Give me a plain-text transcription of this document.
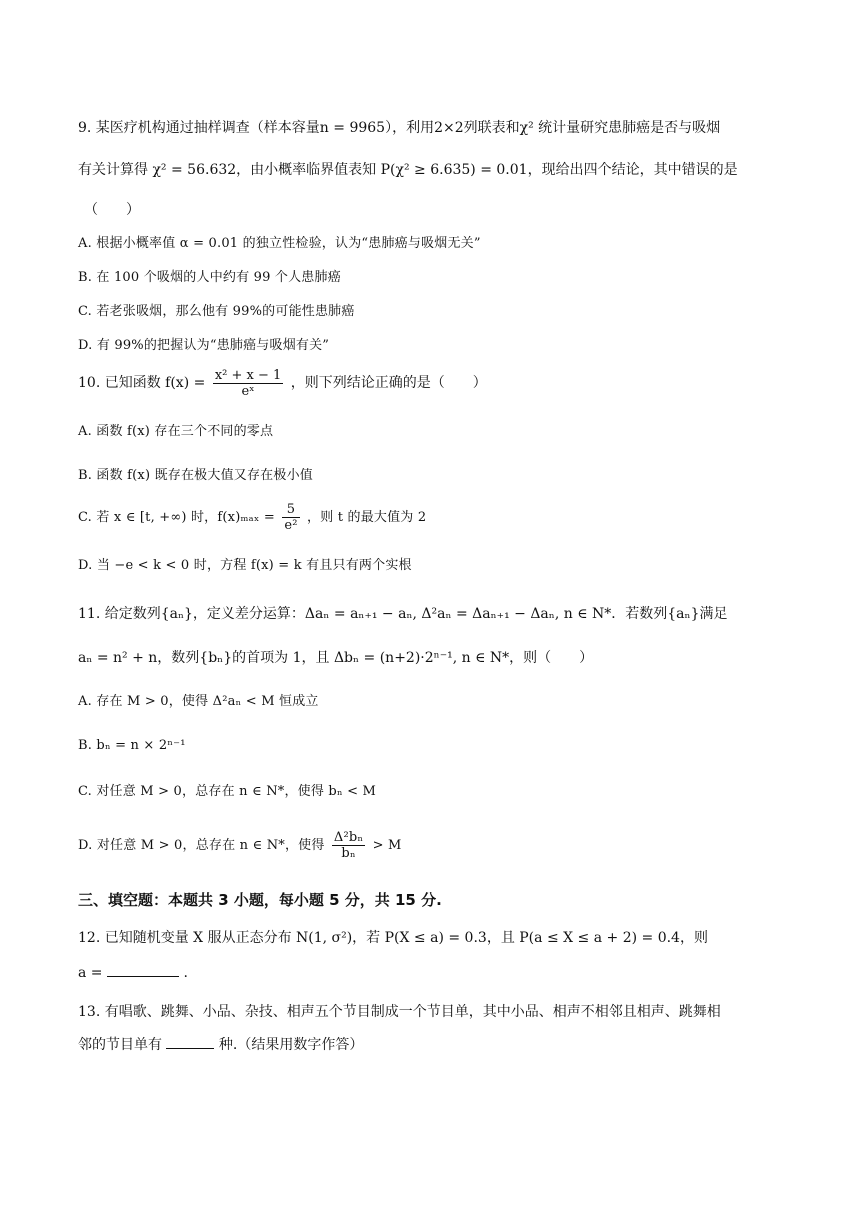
9. 某医疗机构通过抽样调查（样本容量n = 9965），利用2×2列联表和χ² 统计量研究患肺癌是否与吸烟
有关计算得 χ² = 56.632，由小概率临界值表知 P(χ² ≥ 6.635) = 0.01，现给出四个结论，其中错误的是
（　　）
A. 根据小概率值 α = 0.01 的独立性检验，认为“患肺癌与吸烟无关”
B. 在 100 个吸烟的人中约有 99 个人患肺癌
C. 若老张吸烟，那么他有 99%的可能性患肺癌
D. 有 99%的把握认为“患肺癌与吸烟有关”
10. 已知函数 $f(x) = \frac{\text{x² + x − 1}}{\text{eˣ}}$ ，则下列结论正确的是（　　）
A. 函数 f(x) 存在三个不同的零点
B. 函数 f(x) 既存在极大值又存在极小值
C. 若 x ∈ [t, +∞) 时，$f(x)_{max} = \frac{5}{\text{e²}}$ ，则 t 的最大值为 2
D. 当 −e < k < 0 时，方程 f(x) = k 有且只有两个实根
11. 给定数列{aₙ}，定义差分运算：Δaₙ = aₙ₊₁ − aₙ, Δ²aₙ = Δaₙ₊₁ − Δaₙ, n ∈ N*．若数列{aₙ}满足
aₙ = n² + n，数列{bₙ}的首项为 1，且 Δbₙ = (n+2)·2ⁿ⁻¹, n ∈ N*，则（　　）
A. 存在 M > 0，使得 Δ²aₙ < M 恒成立
B. bₙ = n × 2ⁿ⁻¹
C. 对任意 M > 0，总存在 n ∈ N*，使得 bₙ < M
D. 对任意 M > 0，总存在 n ∈ N*，使得 $\frac{\text{Δ²bₙ}}{\text{bₙ}} > M$
三、填空题：本题共 3 小题，每小题 5 分，共 15 分.
12. 已知随机变量 X 服从正态分布 N(1, σ²)，若 P(X ≤ a) = 0.3，且 P(a ≤ X ≤ a + 2) = 0.4，则
a =	.
13. 有唱歌、跳舞、小品、杂技、相声五个节目制成一个节目单，其中小品、相声不相邻且相声、跳舞相
邻的节目单有	种.（结果用数字作答）
